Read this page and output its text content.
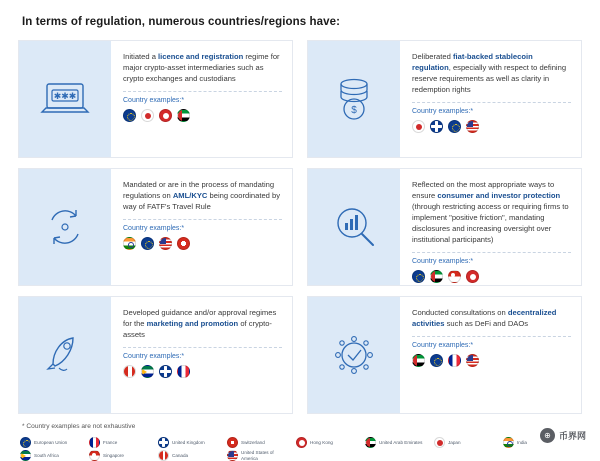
In terms of regulation, numerous countries/regions have:
✱✱✱
Initiated a licence and registration regime for major crypto-asset intermediaries such as crypto exchanges and custodians
Country examples:*
$
Deliberated fiat-backed stablecoin regulation, especially with respect to defining reserve requirements as well as clarity in redemption rights
Country examples:*
Mandated or are in the process of mandating regulations on AML/KYC being coordinated by way of FATF's Travel Rule
Country examples:*
Reflected on the most appropriate ways to ensure consumer and investor protection (through restricting access or requiring firms to implement "positive friction", mandating disclosures and increasing oversight over institutional participants)
Country examples:*
Developed guidance and/or approval regimes for the marketing and promotion of crypto-assets
Country examples:*
Conducted consultations on decentralized activities such as DeFi and DAOs
Country examples:*
* Country examples are not exhaustive
European Union	France	United Kingdom	Switzerland	Hong Kong	United Arab Emirates	Japan	India
South Africa	Singapore	Canada
United States of America
⊕ 币界网
